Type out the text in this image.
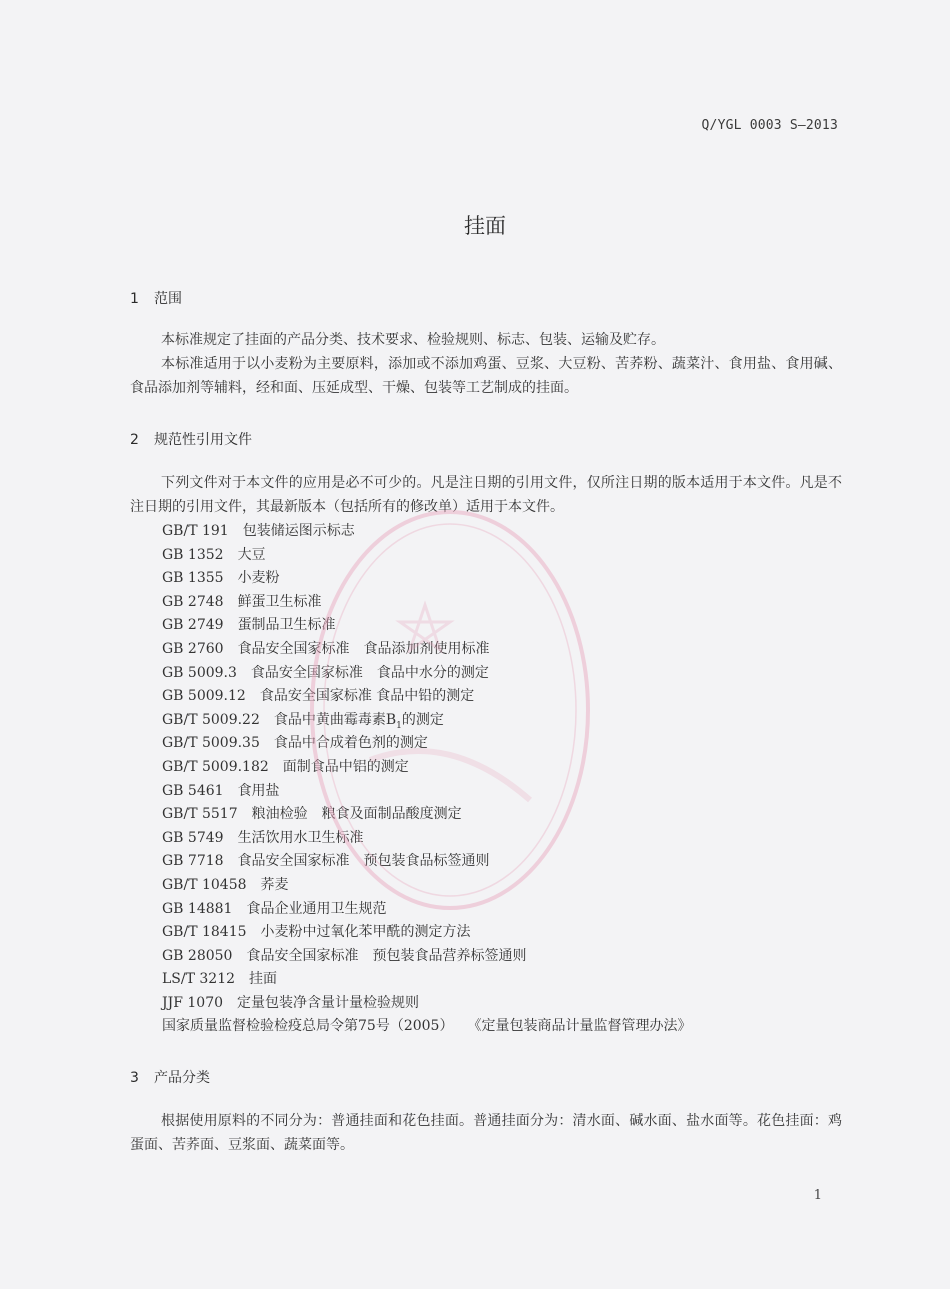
Q/YGL 0003 S—2013
挂面
1 范围
本标准规定了挂面的产品分类、技术要求、检验规则、标志、包装、运输及贮存。
本标准适用于以小麦粉为主要原料，添加或不添加鸡蛋、豆浆、大豆粉、苦荞粉、蔬菜汁、食用盐、食用碱、食品添加剂等辅料，经和面、压延成型、干燥、包装等工艺制成的挂面。
2 规范性引用文件
下列文件对于本文件的应用是必不可少的。凡是注日期的引用文件，仅所注日期的版本适用于本文件。凡是不注日期的引用文件，其最新版本（包括所有的修改单）适用于本文件。
GB/T 191 包装储运图示标志
GB 1352 大豆
GB 1355 小麦粉
GB 2748 鲜蛋卫生标准
GB 2749 蛋制品卫生标准
GB 2760 食品安全国家标准　食品添加剂使用标准
GB 5009.3 食品安全国家标准　食品中水分的测定
GB 5009.12 食品安全国家标准 食品中铅的测定
GB/T 5009.22 食品中黄曲霉毒素$B_1$的测定
GB/T 5009.35 食品中合成着色剂的测定
GB/T 5009.182 面制食品中铝的测定
GB 5461 食用盐
GB/T 5517 粮油检验　粮食及面制品酸度测定
GB 5749 生活饮用水卫生标准
GB 7718 食品安全国家标准　预包装食品标签通则
GB/T 10458 荞麦
GB 14881 食品企业通用卫生规范
GB/T 18415 小麦粉中过氧化苯甲酰的测定方法
GB 28050 食品安全国家标准　预包装食品营养标签通则
LS/T 3212 挂面
JJF 1070 定量包装净含量计量检验规则
国家质量监督检验检疫总局令第75号（2005） 《定量包装商品计量监督管理办法》
3 产品分类
根据使用原料的不同分为：普通挂面和花色挂面。普通挂面分为：清水面、碱水面、盐水面等。花色挂面：鸡蛋面、苦荞面、豆浆面、蔬菜面等。
1
